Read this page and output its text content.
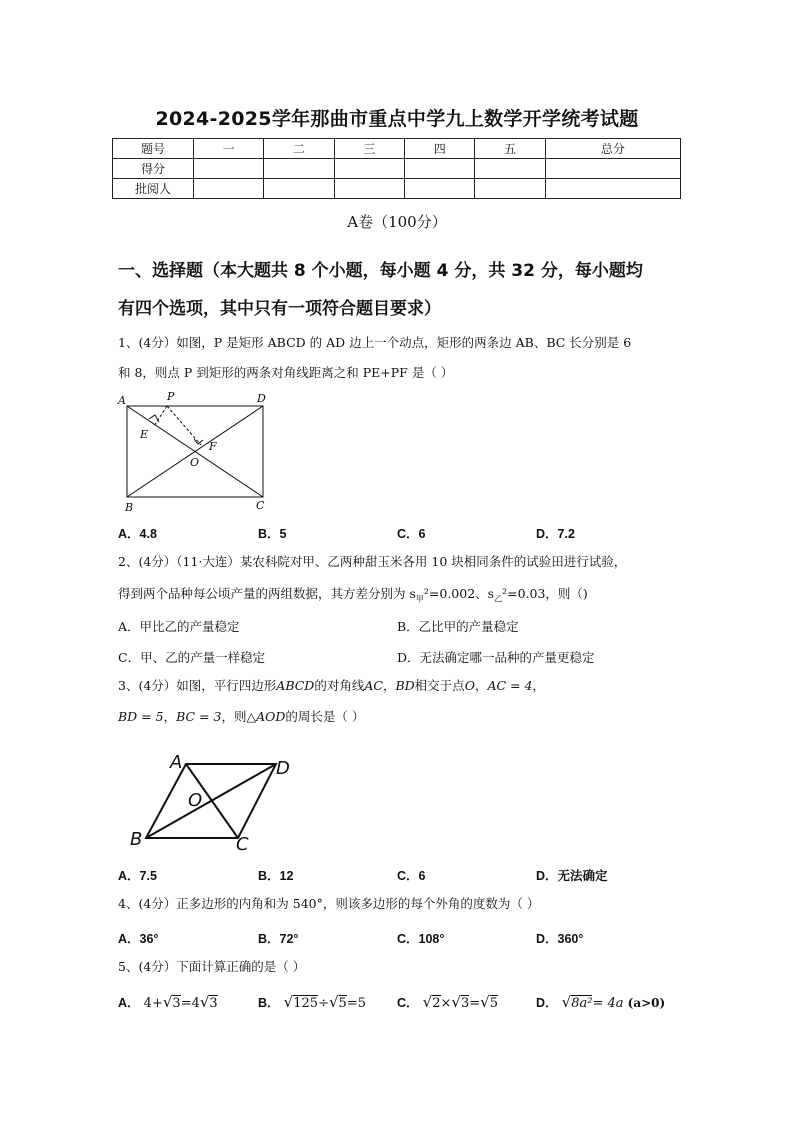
2024-2025学年那曲市重点中学九上数学开学统考试题
题号	一	二	三	四	五	总分
得分						
批阅人						
A卷（100分）
一、选择题（本大题共 8 个小题，每小题 4 分，共 32 分，每小题均
有四个选项，其中只有一项符合题目要求）
1、(4分）如图，P 是矩形 ABCD 的 AD 边上一个动点，矩形的两条边 AB、BC 长分别是 6
和 8，则点 P 到矩形的两条对角线距离之和 PE+PF 是（ ）
A	P	D
E
F
O
B	C
A．4.8	B．5	C．6	D．7.2
2、(4分）（11·大连）某农科院对甲、乙两种甜玉米各用 10 块相同条件的试验田进行试验，
得到两个品种每公顷产量的两组数据，其方差分别为 $s_甲^2=0.002$、$s_乙^2=0.03$，则（)
A．甲比乙的产量稳定	B．乙比甲的产量稳定
C．甲、乙的产量一样稳定	D．无法确定哪一品种的产量更稳定
3、(4分）如图，平行四边形ABCD的对角线AC，BD相交于点O，AC = 4，
BD = 5，BC = 3，则△AOD的周长是（ ）
A	D
O
B	C
A．7.5	B．12	C．6	D．无法确定
4、(4分）正多边形的内角和为 540°，则该多边形的每个外角的度数为（ ）
A．36°	B．72°	C．108°	D．360°
5、(4分）下面计算正确的是（ ）
A． 4+√3=4√3	B． √125÷√5=5 C． √2×√3=√5	D． √8a²= 4a (a>0)
